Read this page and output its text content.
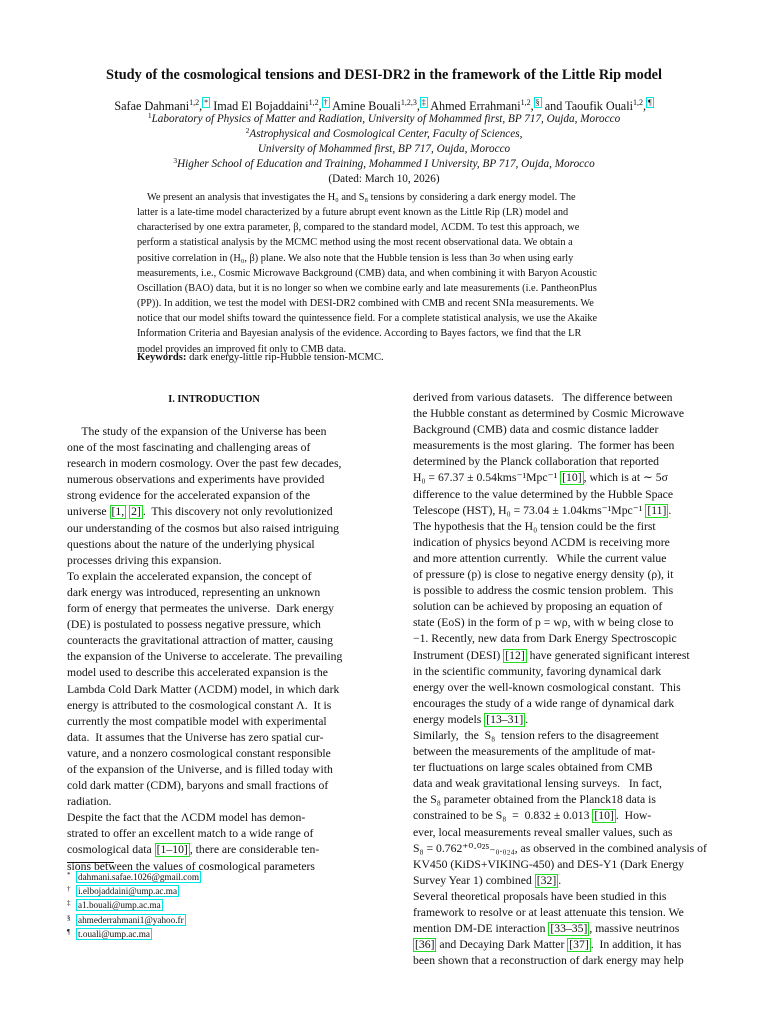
Study of the cosmological tensions and DESI-DR2 in the framework of the Little Rip model
Safae Dahmani$^{1,2}$, * Imad El Bojaddaini$^{1,2}$, † Amine Bouali$^{1,2,3}$, ‡ Ahmed Errahmani$^{1,2}$, § and Taoufik Ouali$^{1,2}$, ¶
$^1$Laboratory of Physics of Matter and Radiation, University of Mohammed first, BP 717, Oujda, Morocco
$^2$Astrophysical and Cosmological Center, Faculty of Sciences,
University of Mohammed first, BP 717, Oujda, Morocco
$^3$Higher School of Education and Training, Mohammed I University, BP 717, Oujda, Morocco
(Dated: March 10, 2026)
We present an analysis that investigates the H₀ and S₈ tensions by considering a dark energy model. The
latter is a late-time model characterized by a future abrupt event known as the Little Rip (LR) model and
characterised by one extra parameter, β, compared to the standard model, ΛCDM. To test this approach, we
perform a statistical analysis by the MCMC method using the most recent observational data. We obtain a
positive correlation in (H₀, β) plane. We also note that the Hubble tension is less than 3σ when using early
measurements, i.e., Cosmic Microwave Background (CMB) data, and when combining it with Baryon Acoustic
Oscillation (BAO) data, but it is no longer so when we combine early and late measurements (i.e. PantheonPlus
(PP)). In addition, we test the model with DESI-DR2 combined with CMB and recent SNIa measurements. We
notice that our model shifts toward the quintessence field. For a complete statistical analysis, we use the Akaike
Information Criteria and Bayesian analysis of the evidence. According to Bayes factors, we find that the LR
model provides an improved fit only to CMB data.
Keywords: dark energy-little rip-Hubble tension-MCMC.
I. INTRODUCTION
The study of the expansion of the Universe has been
one of the most fascinating and challenging areas of
research in modern cosmology. Over the past few decades,
numerous observations and experiments have provided
strong evidence for the accelerated expansion of the
universe [1, 2] .  This discovery not only revolutionized
our understanding of the cosmos but also raised intriguing
questions about the nature of the underlying physical
processes driving this expansion.
To explain the accelerated expansion, the concept of
dark energy was introduced, representing an unknown
form of energy that permeates the universe.  Dark energy
(DE) is postulated to possess negative pressure, which
counteracts the gravitational attraction of matter, causing
the expansion of the Universe to accelerate. The prevailing
model used to describe this accelerated expansion is the
Lambda Cold Dark Matter (ΛCDM) model, in which dark
energy is attributed to the cosmological constant Λ.  It is
currently the most compatible model with experimental
data.  It assumes that the Universe has zero spatial cur-
vature, and a nonzero cosmological constant responsible
of the expansion of the Universe, and is filled today with
cold dark matter (CDM), baryons and small fractions of
radiation.
Despite the fact that the ΛCDM model has demon-
strated to offer an excellent match to a wide range of
cosmological data [1–10] , there are considerable ten-
sions between the values of cosmological parameters
derived from various datasets.   The difference between
the Hubble constant as determined by Cosmic Microwave
Background (CMB) data and cosmic distance ladder
measurements is the most glaring.  The former has been
determined by the Planck collaboration that reported
H₀ = 67.37 ± 0.54kms⁻¹Mpc⁻¹ [10] , which is at ∼ 5σ
difference to the value determined by the Hubble Space
Telescope (HST), H₀ = 73.04 ± 1.04kms⁻¹Mpc⁻¹ [11] .
The hypothesis that the H₀ tension could be the first
indication of physics beyond ΛCDM is receiving more
and more attention currently.   While the current value
of pressure (p) is close to negative energy density (ρ), it
is possible to address the cosmic tension problem.  This
solution can be achieved by proposing an equation of
state (EoS) in the form of p = wρ, with w being close to
−1. Recently, new data from Dark Energy Spectroscopic
Instrument (DESI) [12] have generated significant interest
in the scientific community, favoring dynamical dark
energy over the well-known cosmological constant.  This
encourages the study of a wide range of dynamical dark
energy models [13–31] .
Similarly,  the  S₈  tension refers to the disagreement
between the measurements of the amplitude of mat-
ter fluctuations on large scales obtained from CMB
data and weak gravitational lensing surveys.   In fact,
the S₈ parameter obtained from the Planck18 data is
constrained to be S₈  =  0.832 ± 0.013 [10] .  How-
ever, local measurements reveal smaller values, such as
S₈ = 0.762⁺⁰·⁰²⁵₋₀.₀₂₄, as observed in the combined analysis of
KV450 (KiDS+VIKING-450) and DES-Y1 (Dark Energy
Survey Year 1) combined [32] .
Several theoretical proposals have been studied in this
framework to resolve or at least attenuate this tension. We
mention DM-DE interaction [33–35] , massive neutrinos
[36] and Decaying Dark Matter [37] .  In addition, it has
been shown that a reconstruction of dark energy may help
* dahmani.safae.1026@gmail.com
† i.elbojaddaini@ump.ac.ma
‡ a1.bouali@ump.ac.ma
§ ahmederrahmani1@yahoo.fr
¶ t.ouali@ump.ac.ma
